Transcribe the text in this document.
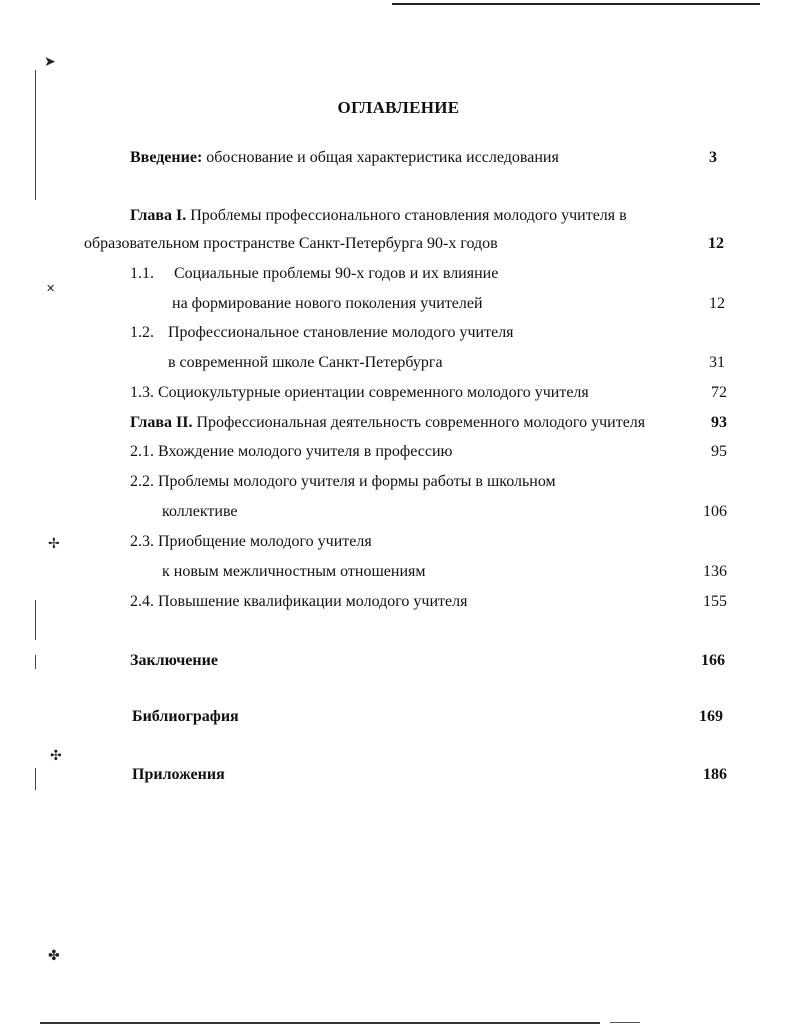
➤
✕
✢
✣
✤
ОГЛАВЛЕНИЕ
Введение: обоснование и общая характеристика исследования	3
Глава I. Проблемы профессионального становления молодого учителя в
образовательном пространстве Санкт-Петербурга 90-х годов	12
1.1. Социальные проблемы 90-х годов и их влияние
на формирование нового поколения учителей	12
1.2. Профессиональное становление молодого учителя
в современной школе Санкт-Петербурга	31
1.3. Социокультурные ориентации современного молодого учителя	72
Глава II. Профессиональная деятельность современного молодого учителя	93
2.1. Вхождение молодого учителя в профессию	95
2.2. Проблемы молодого учителя и формы работы в школьном
коллективе	106
2.3. Приобщение молодого учителя
к новым межличностным отношениям	136
2.4. Повышение квалификации молодого учителя	155
Заключение	166
Библиография	169
Приложения	186
